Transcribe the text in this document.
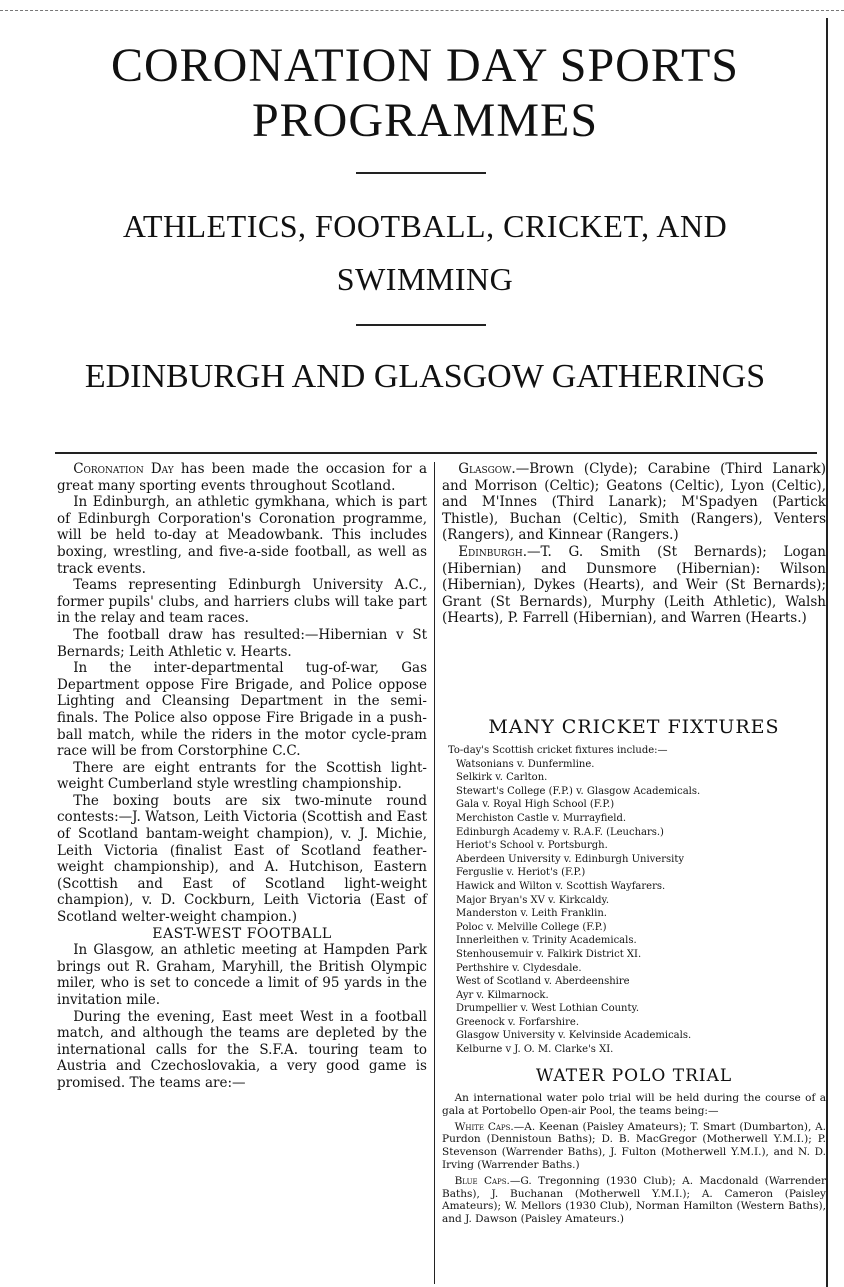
CORONATION DAY SPORTS
PROGRAMMES
ATHLETICS, FOOTBALL, CRICKET, AND
SWIMMING
EDINBURGH AND GLASGOW GATHERINGS

Coronation Day has been made the occasion for a great many sporting events throughout Scotland.

In Edinburgh, an athletic gymkhana, which is part of Edinburgh Corporation's Coronation programme, will be held to-day at Meadowbank. This includes boxing, wrestling, and five-a-side football, as well as track events.

Teams representing Edinburgh University A.C., former pupils' clubs, and harriers clubs will take part in the relay and team races.

The football draw has resulted:—Hibernian v St Bernards; Leith Athletic v. Hearts.

In the inter-departmental tug-of-war, Gas Department oppose Fire Brigade, and Police oppose Lighting and Cleansing Department in the semi-finals. The Police also oppose Fire Brigade in a push-ball match, while the riders in the motor cycle-pram race will be from Corstorphine C.C.

There are eight entrants for the Scottish light-weight Cumberland style wrestling championship.

The boxing bouts are six two-minute round contests:—J. Watson, Leith Victoria (Scottish and East of Scotland bantam-weight champion), v. J. Michie, Leith Victoria (finalist East of Scotland feather-weight championship), and A. Hutchison, Eastern (Scottish and East of Scotland light-weight champion), v. D. Cockburn, Leith Victoria (East of Scotland welter-weight champion.)

EAST-WEST FOOTBALL

In Glasgow, an athletic meeting at Hampden Park brings out R. Graham, Maryhill, the British Olympic miler, who is set to concede a limit of 95 yards in the invitation mile.

During the evening, East meet West in a football match, and although the teams are depleted by the international calls for the S.F.A. touring team to Austria and Czechoslovakia, a very good game is promised. The teams are:—

Glasgow.—Brown (Clyde); Carabine (Third Lanark) and Morrison (Celtic); Geatons (Celtic), Lyon (Celtic), and M'Innes (Third Lanark); M'Spadyen (Partick Thistle), Buchan (Celtic), Smith (Rangers), Venters (Rangers), and Kinnear (Rangers.)

Edinburgh.—T. G. Smith (St Bernards); Logan (Hibernian) and Dunsmore (Hibernian): Wilson (Hibernian), Dykes (Hearts), and Weir (St Bernards); Grant (St Bernards), Murphy (Leith Athletic), Walsh (Hearts), P. Farrell (Hibernian), and Warren (Hearts.)

MANY CRICKET FIXTURES
To-day's Scottish cricket fixtures include:—
Watsonians v. Dunfermline.
Selkirk v. Carlton.
Stewart's College (F.P.) v. Glasgow Academicals.
Gala v. Royal High School (F.P.)
Merchiston Castle v. Murrayfield.
Edinburgh Academy v. R.A.F. (Leuchars.)
Heriot's School v. Portsburgh.
Aberdeen University v. Edinburgh University
Ferguslie v. Heriot's (F.P.)
Hawick and Wilton v. Scottish Wayfarers.
Major Bryan's XV v. Kirkcaldy.
Manderston v. Leith Franklin.
Poloc v. Melville College (F.P.)
Innerleithen v. Trinity Academicals.
Stenhousemuir v. Falkirk District XI.
Perthshire v. Clydesdale.
West of Scotland v. Aberdeenshire
Ayr v. Kilmarnock.
Drumpellier v. West Lothian County.
Greenock v. Forfarshire.
Glasgow University v. Kelvinside Academicals.
Kelburne v J. O. M. Clarke's XI.
WATER POLO TRIAL

An international water polo trial will be held during the course of a gala at Portobello Open-air Pool, the teams being:—

White Caps.—A. Keenan (Paisley Amateurs); T. Smart (Dumbarton), A. Purdon (Dennistoun Baths); D. B. MacGregor (Motherwell Y.M.I.); P. Stevenson (Warrender Baths), J. Fulton (Motherwell Y.M.I.), and N. D. Irving (Warrender Baths.)

Blue Caps.—G. Tregonning (1930 Club); A. Macdonald (Warrender Baths), J. Buchanan (Motherwell Y.M.I.); A. Cameron (Paisley Amateurs); W. Mellors (1930 Club), Norman Hamilton (Western Baths), and J. Dawson (Paisley Amateurs.)
